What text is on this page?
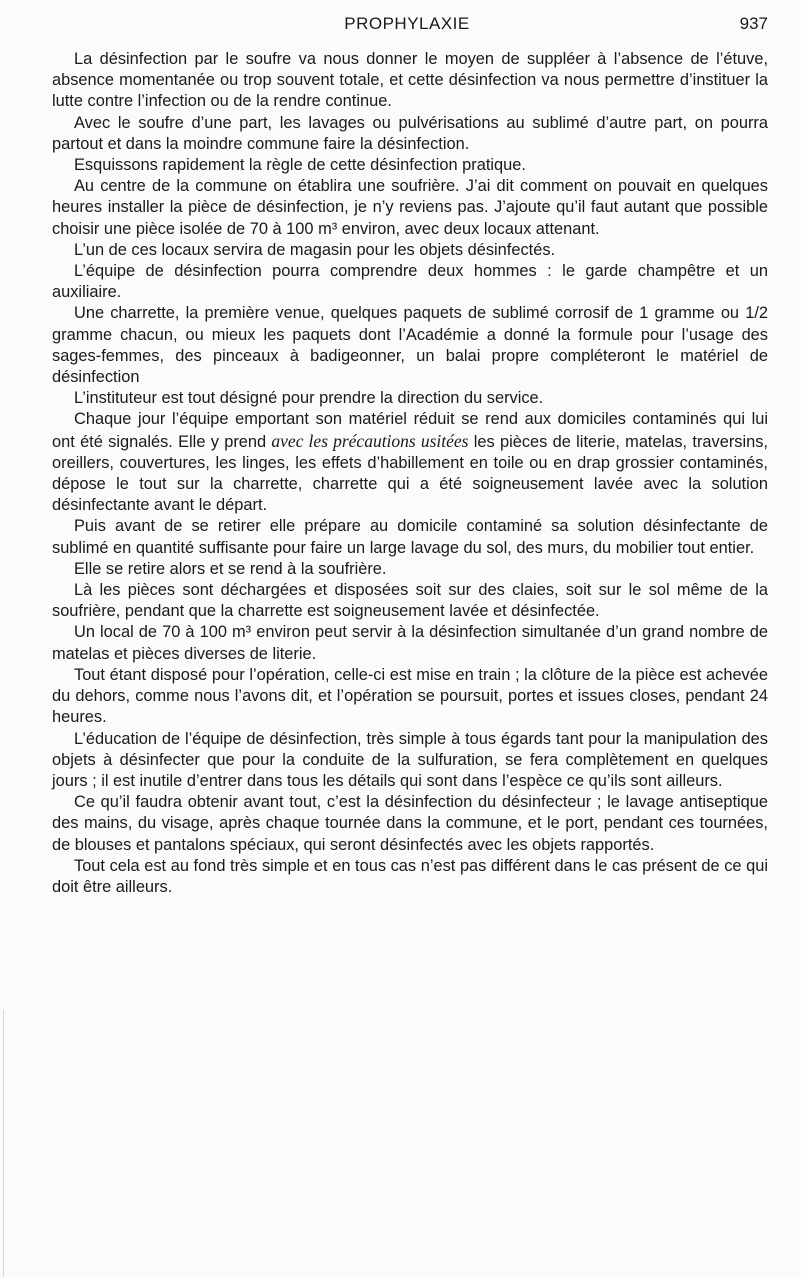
PROPHYLAXIE	937

La désinfection par le soufre va nous donner le moyen de suppléer à l’absence de l’étuve, absence momentanée ou trop souvent totale, et cette désinfection va nous permettre d’instituer la lutte contre l’infection ou de la rendre continue.

Avec le soufre d’une part, les lavages ou pulvérisations au sublimé d’autre part, on pourra partout et dans la moindre commune faire la désinfection.

Esquissons rapidement la règle de cette désinfection pratique.

Au centre de la commune on établira une soufrière. J’ai dit comment on pouvait en quelques heures installer la pièce de désinfection, je n’y reviens pas. J’ajoute qu’il faut autant que possible choisir une pièce isolée de 70 à 100 m³ environ, avec deux locaux attenant.

L’un de ces locaux servira de magasin pour les objets désinfectés.

L’équipe de désinfection pourra comprendre deux hommes : le garde champêtre et un auxiliaire.

Une charrette, la première venue, quelques paquets de sublimé corrosif de 1 gramme ou 1/2 gramme chacun, ou mieux les paquets dont l’Académie a donné la formule pour l’usage des sages-femmes, des pinceaux à badigeonner, un balai propre compléteront le matériel de désinfection

L’instituteur est tout désigné pour prendre la direction du service.

Chaque jour l’équipe emportant son matériel réduit se rend aux domiciles contaminés qui lui ont été signalés. Elle y prend avec les précautions usitées les pièces de literie, matelas, traversins, oreillers, couvertures, les linges, les effets d’habillement en toile ou en drap grossier contaminés, dépose le tout sur la charrette, charrette qui a été soigneusement lavée avec la solution désinfectante avant le départ.

Puis avant de se retirer elle prépare au domicile contaminé sa solution désinfectante de sublimé en quantité suffisante pour faire un large lavage du sol, des murs, du mobilier tout entier.

Elle se retire alors et se rend à la soufrière.

Là les pièces sont déchargées et disposées soit sur des claies, soit sur le sol même de la soufrière, pendant que la charrette est soigneusement lavée et désinfectée.

Un local de 70 à 100 m³ environ peut servir à la désinfection simultanée d’un grand nombre de matelas et pièces diverses de literie.

Tout étant disposé pour l’opération, celle-ci est mise en train ; la clôture de la pièce est achevée du dehors, comme nous l’avons dit, et l’opération se poursuit, portes et issues closes, pendant 24 heures.

L’éducation de l’équipe de désinfection, très simple à tous égards tant pour la manipulation des objets à désinfecter que pour la conduite de la sulfuration, se fera complètement en quelques jours ; il est inutile d’entrer dans tous les détails qui sont dans l’espèce ce qu’ils sont ailleurs.

Ce qu’il faudra obtenir avant tout, c’est la désinfection du désinfecteur ; le lavage antiseptique des mains, du visage, après chaque tournée dans la commune, et le port, pendant ces tournées, de blouses et pantalons spéciaux, qui seront désinfectés avec les objets rapportés.

Tout cela est au fond très simple et en tous cas n’est pas différent dans le cas présent de ce qui doit être ailleurs.
